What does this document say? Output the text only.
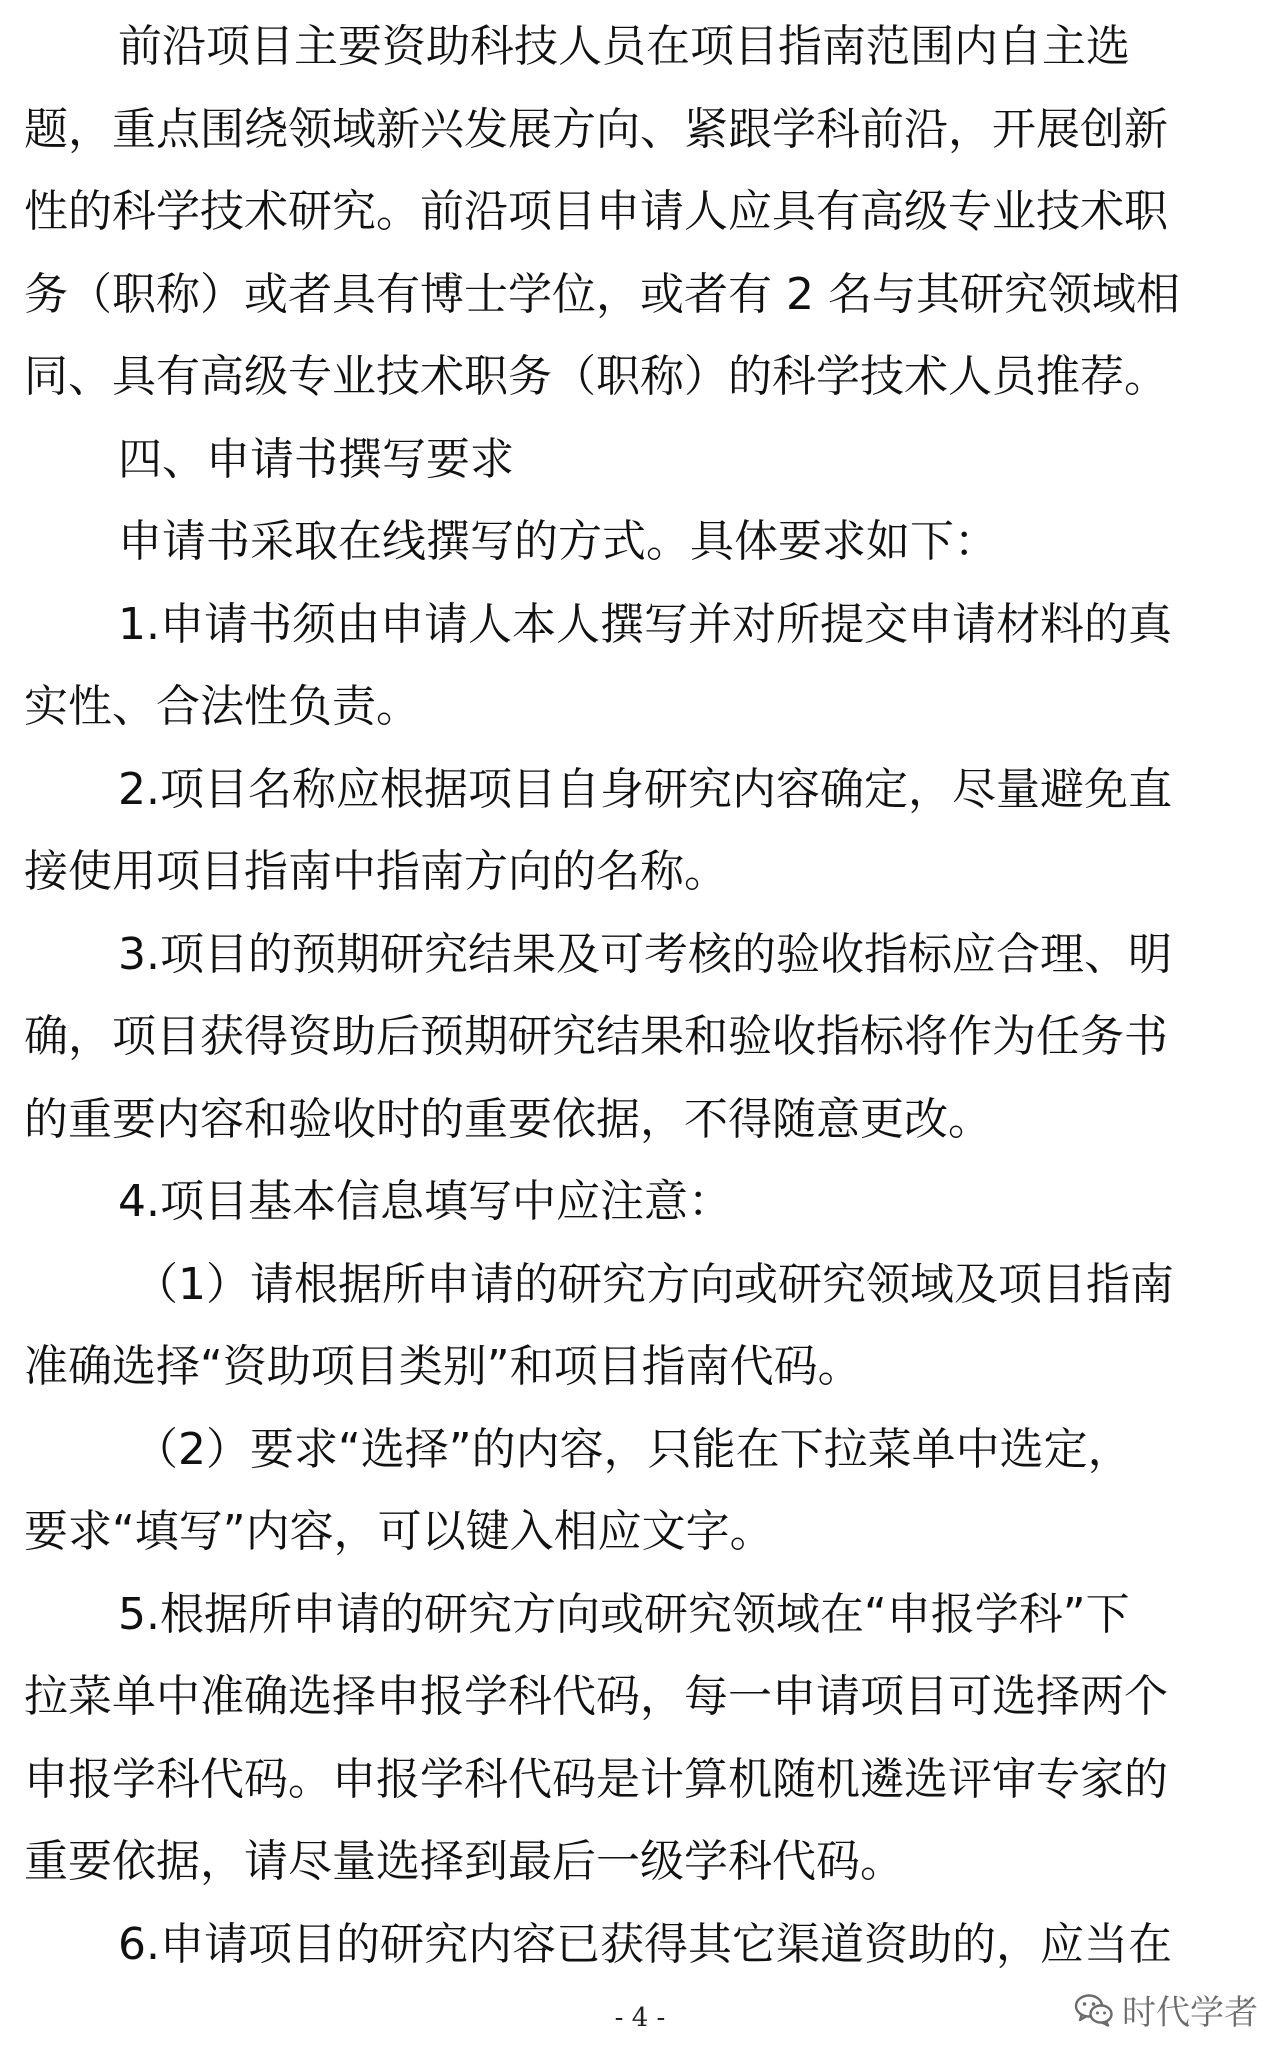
前沿项目主要资助科技人员在项目指南范围内自主选
题，重点围绕领域新兴发展方向、紧跟学科前沿，开展创新
性的科学技术研究。前沿项目申请人应具有高级专业技术职
务（职称）或者具有博士学位，或者有 2 名与其研究领域相
同、具有高级专业技术职务（职称）的科学技术人员推荐。
四、申请书撰写要求
申请书采取在线撰写的方式。具体要求如下：
1.申请书须由申请人本人撰写并对所提交申请材料的真
实性、合法性负责。
2.项目名称应根据项目自身研究内容确定，尽量避免直
接使用项目指南中指南方向的名称。
3.项目的预期研究结果及可考核的验收指标应合理、明
确，项目获得资助后预期研究结果和验收指标将作为任务书
的重要内容和验收时的重要依据，不得随意更改。
4.项目基本信息填写中应注意：
（1）请根据所申请的研究方向或研究领域及项目指南
准确选择“资助项目类别”和项目指南代码。
（2）要求“选择”的内容，只能在下拉菜单中选定，
要求“填写”内容，可以键入相应文字。
5.根据所申请的研究方向或研究领域在“申报学科”下
拉菜单中准确选择申报学科代码，每一申请项目可选择两个
申报学科代码。申报学科代码是计算机随机遴选评审专家的
重要依据，请尽量选择到最后一级学科代码。
6.申请项目的研究内容已获得其它渠道资助的，应当在
- 4 -	时代学者
